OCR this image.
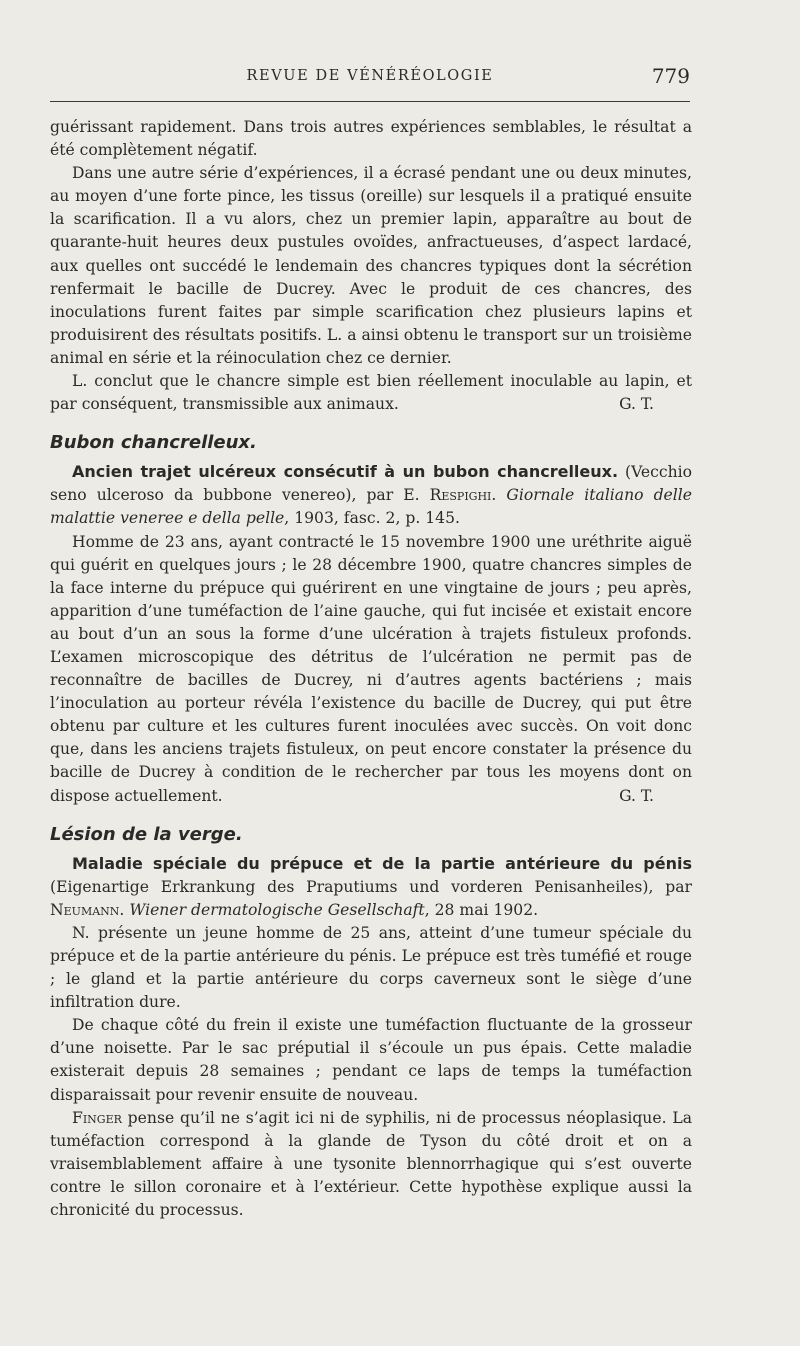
REVUE DE VÉNÉRÉOLOGIE	779

guérissant rapidement. Dans trois autres expériences semblables, le résultat a été complètement négatif.

Dans une autre série d’expériences, il a écrasé pendant une ou deux minutes, au moyen d’une forte pince, les tissus (oreille) sur lesquels il a pratiqué ensuite la scarification. Il a vu alors, chez un premier lapin, apparaître au bout de quarante-huit heures deux pustules ovoïdes, anfractueuses, d’aspect lardacé, aux quelles ont succédé le lendemain des chancres typiques dont la sécrétion renfermait le bacille de Ducrey. Avec le produit de ces chancres, des inoculations furent faites par simple scarification chez plusieurs lapins et produisirent des résultats positifs. L. a ainsi obtenu le transport sur un troisième animal en série et la réinoculation chez ce dernier.

L. conclut que le chancre simple est bien réellement inoculable au lapin, et par conséquent, transmissible aux animaux.	G. T.

Bubon chancrelleux.

Ancien trajet ulcéreux consécutif à un bubon chancrelleux. (Vecchio seno ulceroso da bubbone venereo), par E. Respighi. Giornale italiano delle malattie veneree e della pelle, 1903, fasc. 2, p. 145.

Homme de 23 ans, ayant contracté le 15 novembre 1900 une uréthrite aiguë qui guérit en quelques jours ; le 28 décembre 1900, quatre chancres simples de la face interne du prépuce qui guérirent en une vingtaine de jours ; peu après, apparition d’une tuméfaction de l’aine gauche, qui fut incisée et existait encore au bout d’un an sous la forme d’une ulcération à trajets fistuleux profonds. L’examen microscopique des détritus de l’ulcération ne permit pas de reconnaître de bacilles de Ducrey, ni d’autres agents bactériens ; mais l’inoculation au porteur révéla l’existence du bacille de Ducrey, qui put être obtenu par culture et les cultures furent inoculées avec succès. On voit donc que, dans les anciens trajets fistuleux, on peut encore constater la présence du bacille de Ducrey à condition de le rechercher par tous les moyens dont on dispose actuellement.	G. T.

Lésion de la verge.

Maladie spéciale du prépuce et de la partie antérieure du pénis (Eigenartige Erkrankung des Praputiums und vorderen Penisanheiles), par Neumann. Wiener dermatologische Gesellschaft, 28 mai 1902.

N. présente un jeune homme de 25 ans, atteint d’une tumeur spéciale du prépuce et de la partie antérieure du pénis. Le prépuce est très tuméfié et rouge ; le gland et la partie antérieure du corps caverneux sont le siège d’une infiltration dure.

De chaque côté du frein il existe une tuméfaction fluctuante de la grosseur d’une noisette. Par le sac préputial il s’écoule un pus épais. Cette maladie existerait depuis 28 semaines ; pendant ce laps de temps la tuméfaction disparaissait pour revenir ensuite de nouveau.

Finger pense qu’il ne s’agit ici ni de syphilis, ni de processus néoplasique. La tuméfaction correspond à la glande de Tyson du côté droit et on a vraisemblablement affaire à une tysonite blennorrhagique qui s’est ouverte contre le sillon coronaire et à l’extérieur. Cette hypothèse explique aussi la chronicité du processus.
